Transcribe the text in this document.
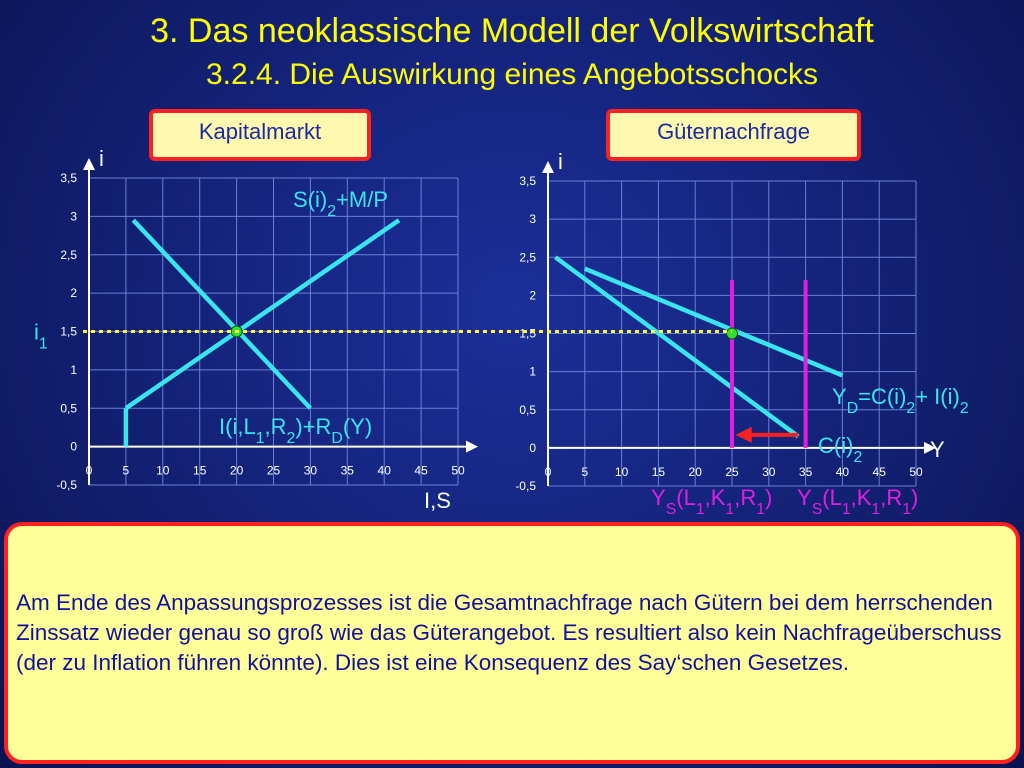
3. Das neoklassische Modell der Volkswirtschaft
3.2.4. Die Auswirkung eines Angebotsschocks
0	5 10 15 20 25 30 35 40 45 50
3,5
3
2,5
2
1,5
1
0,5
0
-0,5
i
I,S
0	5 10 15 20 25 30 35 40 45 50
3,5
3
2,5
2
1,5
1
0,5
0
-0,5
i
Y
$i_1$
$S(i)_2+M/P$
$I(i,L_1,R_2)+R_D(Y)$
$Y_D=C(i)_2+ I(i)_2$
$C(i)_2$
$Y_S(L_1,K_1,R_1)$ $Y_S(L_1,K_1,R_1)$
Kapitalmarkt	Güternachfrage
Am Ende des Anpassungsprozesses ist die Gesamtnachfrage nach Gütern bei dem herrschenden Zinssatz wieder genau so groß wie das Güterangebot. Es resultiert also kein Nachfrageüberschuss (der zu Inflation führen könnte). Dies ist eine Konsequenz des Say‘schen Gesetzes.
